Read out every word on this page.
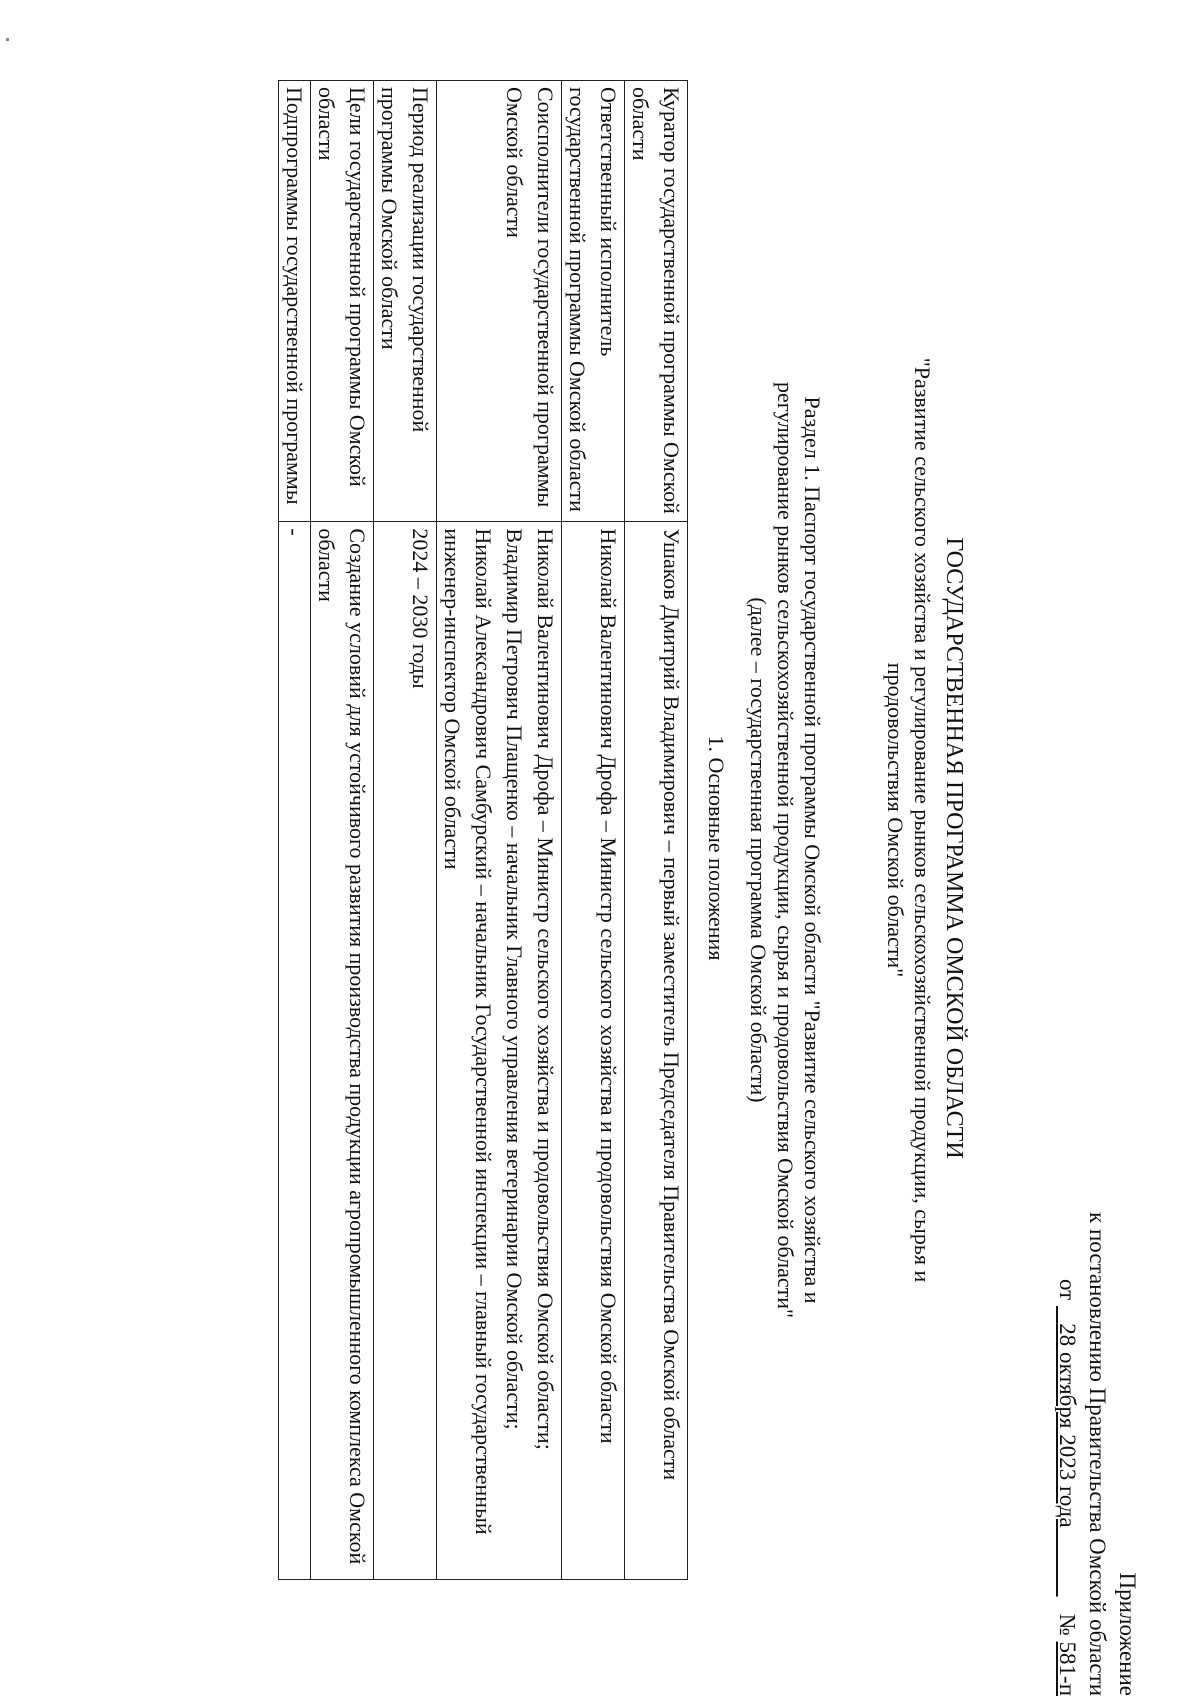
Приложение
к постановлению Правительства Омской области
от    28 октября 2023 года               № 581-п
ГОСУДАРСТВЕННАЯ ПРОГРАММА ОМСКОЙ ОБЛАСТИ
"Развитие сельского хозяйства и регулирование рынков сельскохозяйственной продукции, сырья и продовольствия Омской области"
Раздел 1. Паспорт государственной программы Омской области "Развитие сельского хозяйства и регулирование рынков сельскохозяйственной продукции, сырья и продовольствия Омской области" (далее – государственная программа Омской области)
1. Основные положения
Куратор государственной программы Омской области	Ушаков Дмитрий Владимирович – первый заместитель Председателя Правительства Омской области

Ответственный исполнитель государственной программы Омской области	Николай Валентинович Дрофа – Министр сельского хозяйства и продовольствия Омской области

Соисполнители государственной программы Омской области	Николай Валентинович Дрофа – Министр сельского хозяйства и продовольствия Омской области;
Владимир Петрович Плащенко – начальник Главного управления ветеринарии Омской области;
Николай Александрович Самбурский – начальник Государственной инспекции – главный государственный инженер-инспектор Омской области

Период реализации государственной программы Омской области	2024 – 2030 годы

Цели государственной программы Омской области	Создание условий для устойчивого развития производства продукции агропромышленного комплекса Омской области

Подпрограммы государственной программы	-
